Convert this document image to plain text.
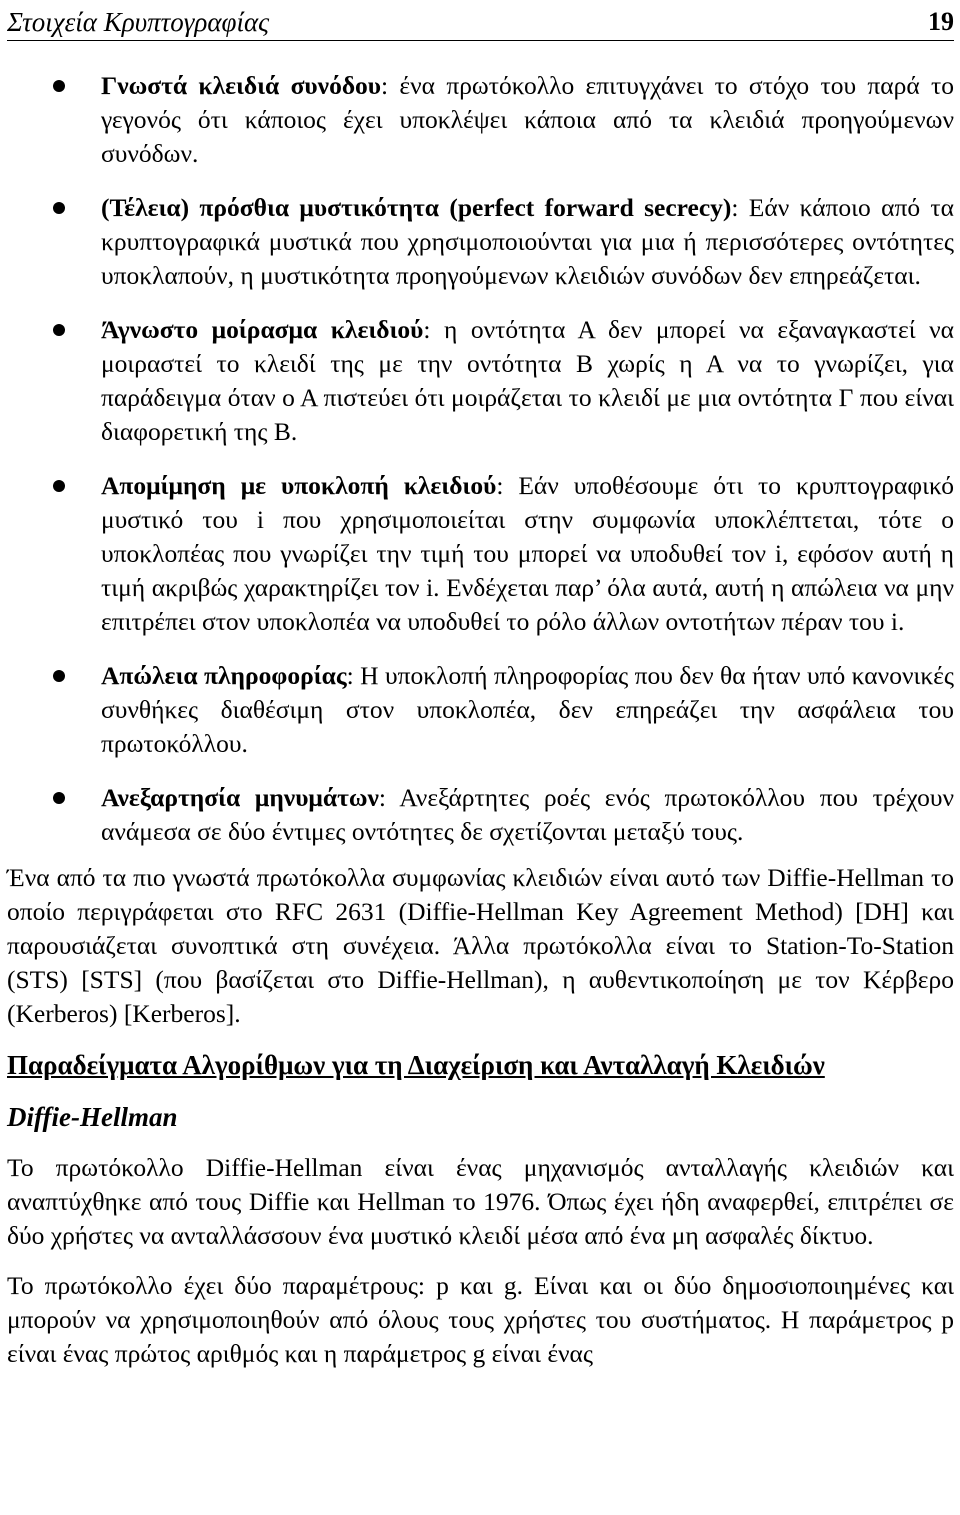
Στοιχεία Κρυπτογραφίας	19
Γνωστά κλειδιά συνόδου: ένα πρωτόκολλο επιτυγχάνει το στόχο του παρά το γεγονός ότι κάποιος έχει υποκλέψει κάποια από τα κλειδιά προηγούμενων συνόδων.
(Τέλεια) πρόσθια μυστικότητα (perfect forward secrecy): Εάν κάποιο από τα κρυπτογραφικά μυστικά που χρησιμοποιούνται για μια ή περισσότερες οντότητες υποκλαπούν, η μυστικότητα προηγούμενων κλειδιών συνόδων δεν επηρεάζεται.
Άγνωστο μοίρασμα κλειδιού: η οντότητα Α δεν μπορεί να εξαναγκαστεί να μοιραστεί το κλειδί της με την οντότητα Β χωρίς η Α να το γνωρίζει, για παράδειγμα όταν ο Α πιστεύει ότι μοιράζεται το κλειδί με μια οντότητα Γ που είναι διαφορετική της Β.
Απομίμηση με υποκλοπή κλειδιού: Εάν υποθέσουμε ότι το κρυπτογραφικό μυστικό του i που χρησιμοποιείται στην συμφωνία υποκλέπτεται, τότε ο υποκλοπέας που γνωρίζει την τιμή του μπορεί να υποδυθεί τον i, εφόσον αυτή η τιμή ακριβώς χαρακτηρίζει τον i. Ενδέχεται παρ’ όλα αυτά, αυτή η απώλεια να μην επιτρέπει στον υποκλοπέα να υποδυθεί το ρόλο άλλων οντοτήτων πέραν του i.
Απώλεια πληροφορίας: Η υποκλοπή πληροφορίας που δεν θα ήταν υπό κανονικές συνθήκες διαθέσιμη στον υποκλοπέα, δεν επηρεάζει την ασφάλεια του πρωτοκόλλου.
Ανεξαρτησία μηνυμάτων: Ανεξάρτητες ροές ενός πρωτοκόλλου που τρέχουν ανάμεσα σε δύο έντιμες οντότητες δε σχετίζονται μεταξύ τους.

Ένα από τα πιο γνωστά πρωτόκολλα συμφωνίας κλειδιών είναι αυτό των Diffie-Hellman το οποίο περιγράφεται στο RFC 2631 (Diffie-Hellman Key Agreement Method) [DH] και παρουσιάζεται συνοπτικά στη συνέχεια. Άλλα πρωτόκολλα είναι το Station-To-Station (STS) [STS] (που βασίζεται στο Diffie-Hellman), η αυθεντικοποίηση με τον Κέρβερο (Kerberos) [Kerberos].

Παραδείγματα Αλγορίθμων για τη Διαχείριση και Ανταλλαγή Κλειδιών
Diffie-Hellman

Το πρωτόκολλο Diffie-Hellman είναι ένας μηχανισμός ανταλλαγής κλειδιών και αναπτύχθηκε από τους Diffie και Hellman το 1976. Όπως έχει ήδη αναφερθεί, επιτρέπει σε δύο χρήστες να ανταλλάσσουν ένα μυστικό κλειδί μέσα από ένα μη ασφαλές δίκτυο.

Το πρωτόκολλο έχει δύο παραμέτρους: p και g. Είναι και οι δύο δημοσιοποιημένες και μπορούν να χρησιμοποιηθούν από όλους τους χρήστες του συστήματος. Η παράμετρος p είναι ένας πρώτος αριθμός και η παράμετρος g είναι ένας
